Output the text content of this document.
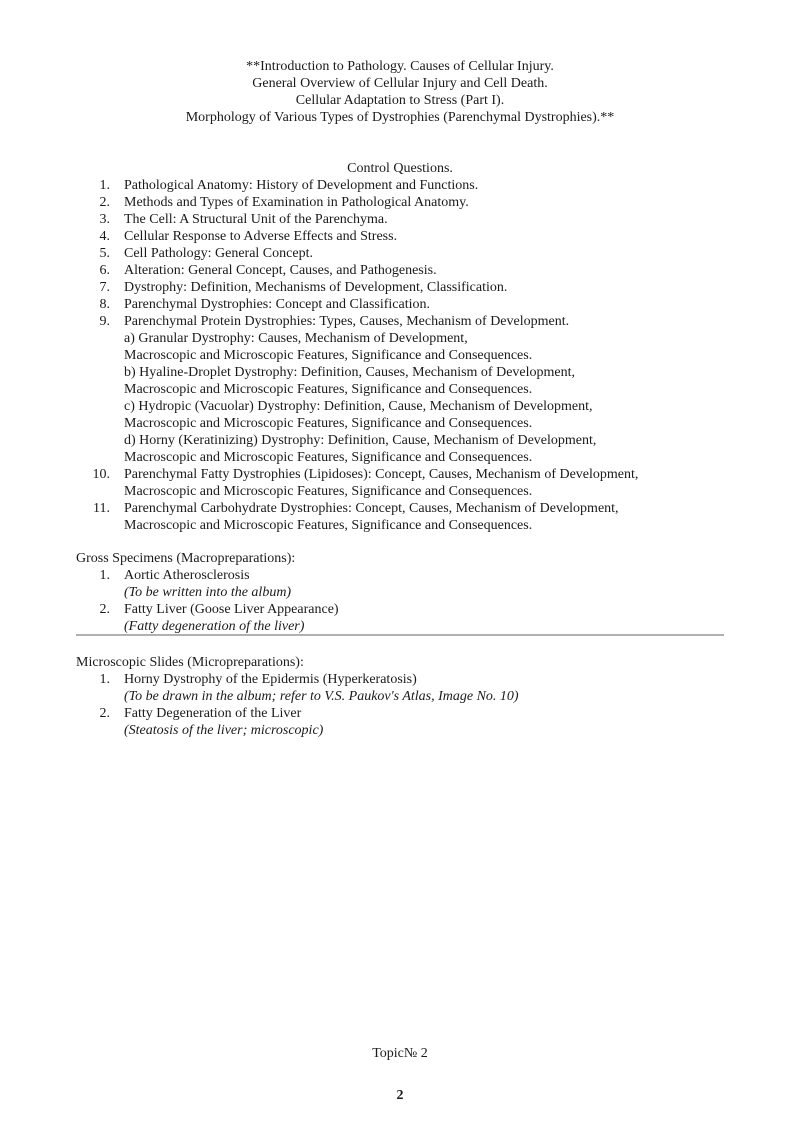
**Introduction to Pathology. Causes of Cellular Injury.
General Overview of Cellular Injury and Cell Death.
Cellular Adaptation to Stress (Part I).
Morphology of Various Types of Dystrophies (Parenchymal Dystrophies).**
Control Questions.
1. Pathological Anatomy: History of Development and Functions.
2. Methods and Types of Examination in Pathological Anatomy.
3. The Cell: A Structural Unit of the Parenchyma.
4. Cellular Response to Adverse Effects and Stress.
5. Cell Pathology: General Concept.
6. Alteration: General Concept, Causes, and Pathogenesis.
7. Dystrophy: Definition, Mechanisms of Development, Classification.
8. Parenchymal Dystrophies: Concept and Classification.
9. Parenchymal Protein Dystrophies: Types, Causes, Mechanism of Development.
a) Granular Dystrophy: Causes, Mechanism of Development,
Macroscopic and Microscopic Features, Significance and Consequences.
b) Hyaline-Droplet Dystrophy: Definition, Causes, Mechanism of Development,
Macroscopic and Microscopic Features, Significance and Consequences.
c) Hydropic (Vacuolar) Dystrophy: Definition, Cause, Mechanism of Development,
Macroscopic and Microscopic Features, Significance and Consequences.
d) Horny (Keratinizing) Dystrophy: Definition, Cause, Mechanism of Development,
Macroscopic and Microscopic Features, Significance and Consequences.
10. Parenchymal Fatty Dystrophies (Lipidoses): Concept, Causes, Mechanism of Development,
Macroscopic and Microscopic Features, Significance and Consequences.
11. Parenchymal Carbohydrate Dystrophies: Concept, Causes, Mechanism of Development,
Macroscopic and Microscopic Features, Significance and Consequences.
Gross Specimens (Macropreparations):
1. Aortic Atherosclerosis
(To be written into the album)
2. Fatty Liver (Goose Liver Appearance)
(Fatty degeneration of the liver)
Microscopic Slides (Micropreparations):
1. Horny Dystrophy of the Epidermis (Hyperkeratosis)
(To be drawn in the album; refer to V.S. Paukov's Atlas, Image No. 10)
2. Fatty Degeneration of the Liver
(Steatosis of the liver; microscopic)
Topic№ 2
2
